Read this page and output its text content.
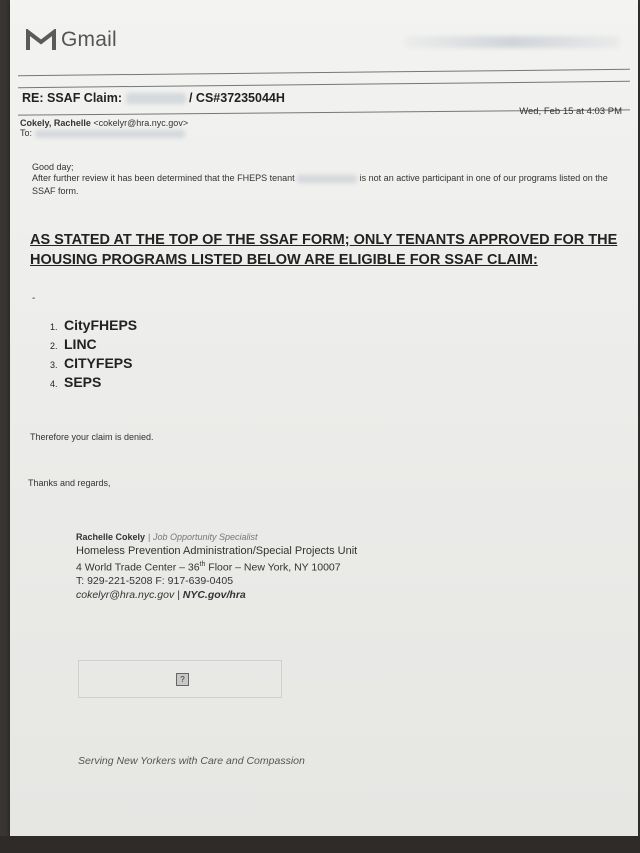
Gmail
RE: SSAF Claim:	/ CS#37235044H
Cokely, Rachelle <cokelyr@hra.nyc.gov>
To:
Wed, Feb 15 at 4:03 PM
Good day;
After further review it has been determined that the FHEPS tenant	is not an active participant in one of our programs listed on the SSAF form.
AS STATED AT THE TOP OF THE SSAF FORM; ONLY TENANTS APPROVED FOR THE HOUSING PROGRAMS LISTED BELOW ARE ELIGIBLE FOR SSAF CLAIM:
-
1. CityFHEPS
2. LINC
3. CITYFEPS
4. SEPS
Therefore your claim is denied.
Thanks and regards,
Rachelle Cokely | Job Opportunity Specialist
Homeless Prevention Administration/Special Projects Unit
4 World Trade Center – 36th Floor – New York, NY 10007
T: 929-221-5208 F: 917-639-0405
cokelyr@hra.nyc.gov | NYC.gov/hra
?
Serving New Yorkers with Care and Compassion
